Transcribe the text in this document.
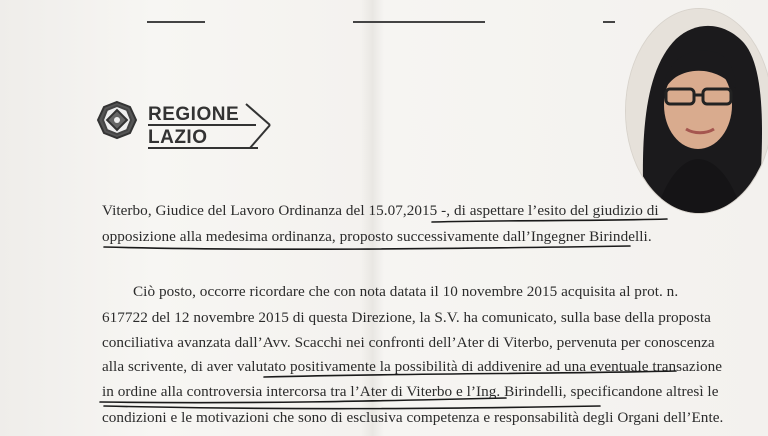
REGIONE
LAZIO
Viterbo, Giudice del Lavoro Ordinanza del 15.07,2015 -, di aspettare l’esito del giudizio di
opposizione alla medesima ordinanza, proposto successivamente dall’Ingegner Birindelli.
Ciò posto, occorre ricordare che con nota datata il 10 novembre 2015 acquisita al prot. n.
617722 del 12 novembre 2015 di questa Direzione, la S.V. ha comunicato, sulla base della proposta
conciliativa avanzata dall’Avv. Scacchi nei confronti dell’Ater di Viterbo, pervenuta per conoscenza
alla scrivente, di aver valutato positivamente la possibilità di addivenire ad una eventuale transazione
in ordine alla controversia intercorsa tra l’Ater di Viterbo e l’Ing. Birindelli, specificandone altresì le
condizioni e le motivazioni che sono di esclusiva competenza e responsabilità degli Organi dell’Ente.
